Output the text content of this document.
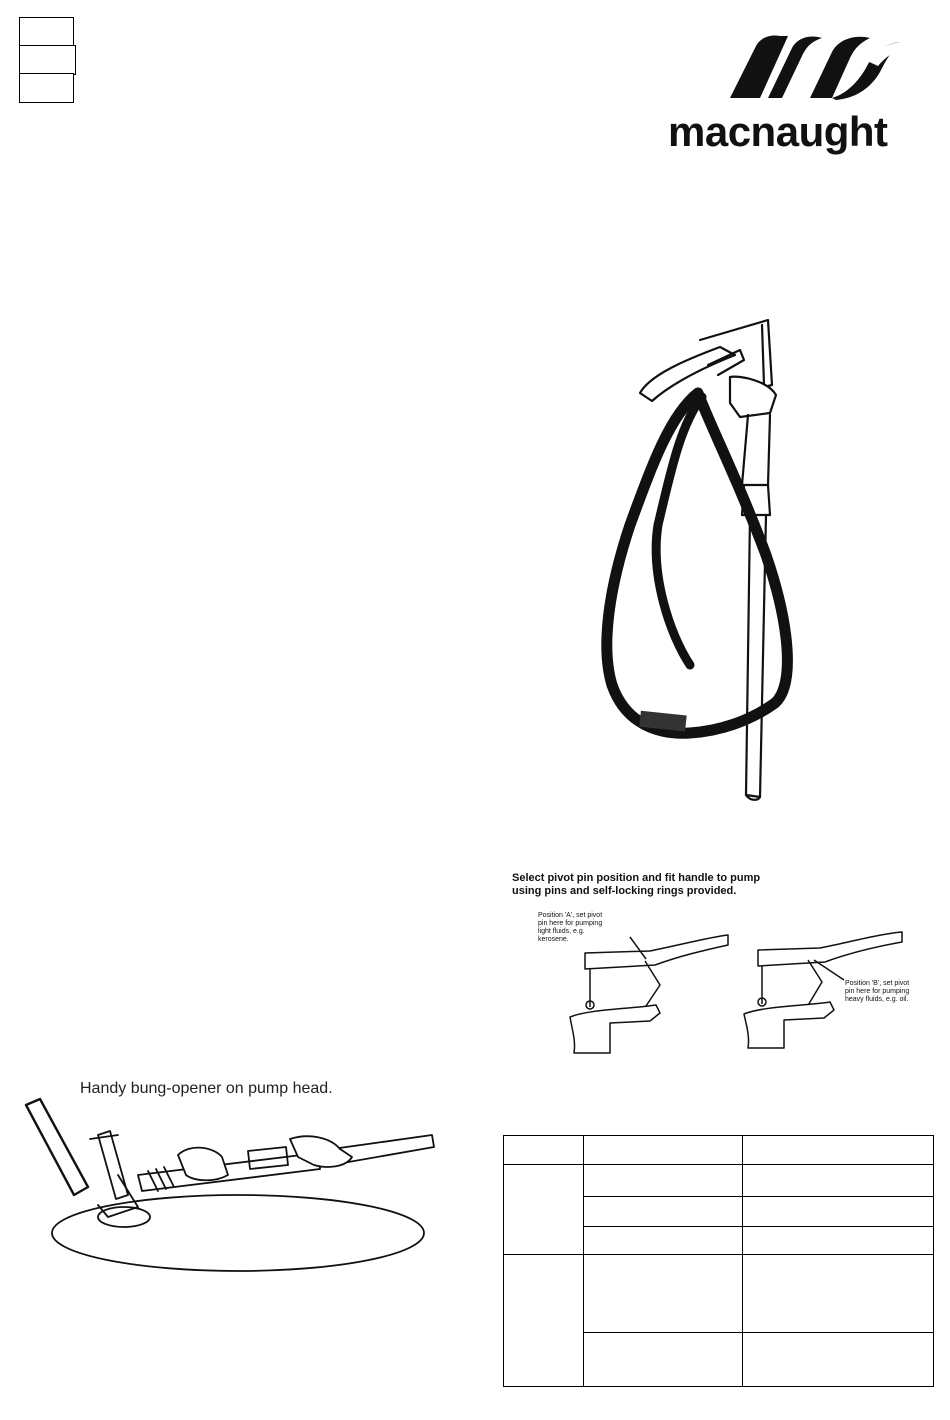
macnaught
Select pivot pin position and fit handle to pump
using pins and self-locking rings provided.
Position 'A', set pivot
pin here for pumping
light fluids, e.g.
kerosene.
Position 'B', set pivot
pin here for pumping
heavy fluids, e.g. oil.
Handy bung-opener on pump head.
